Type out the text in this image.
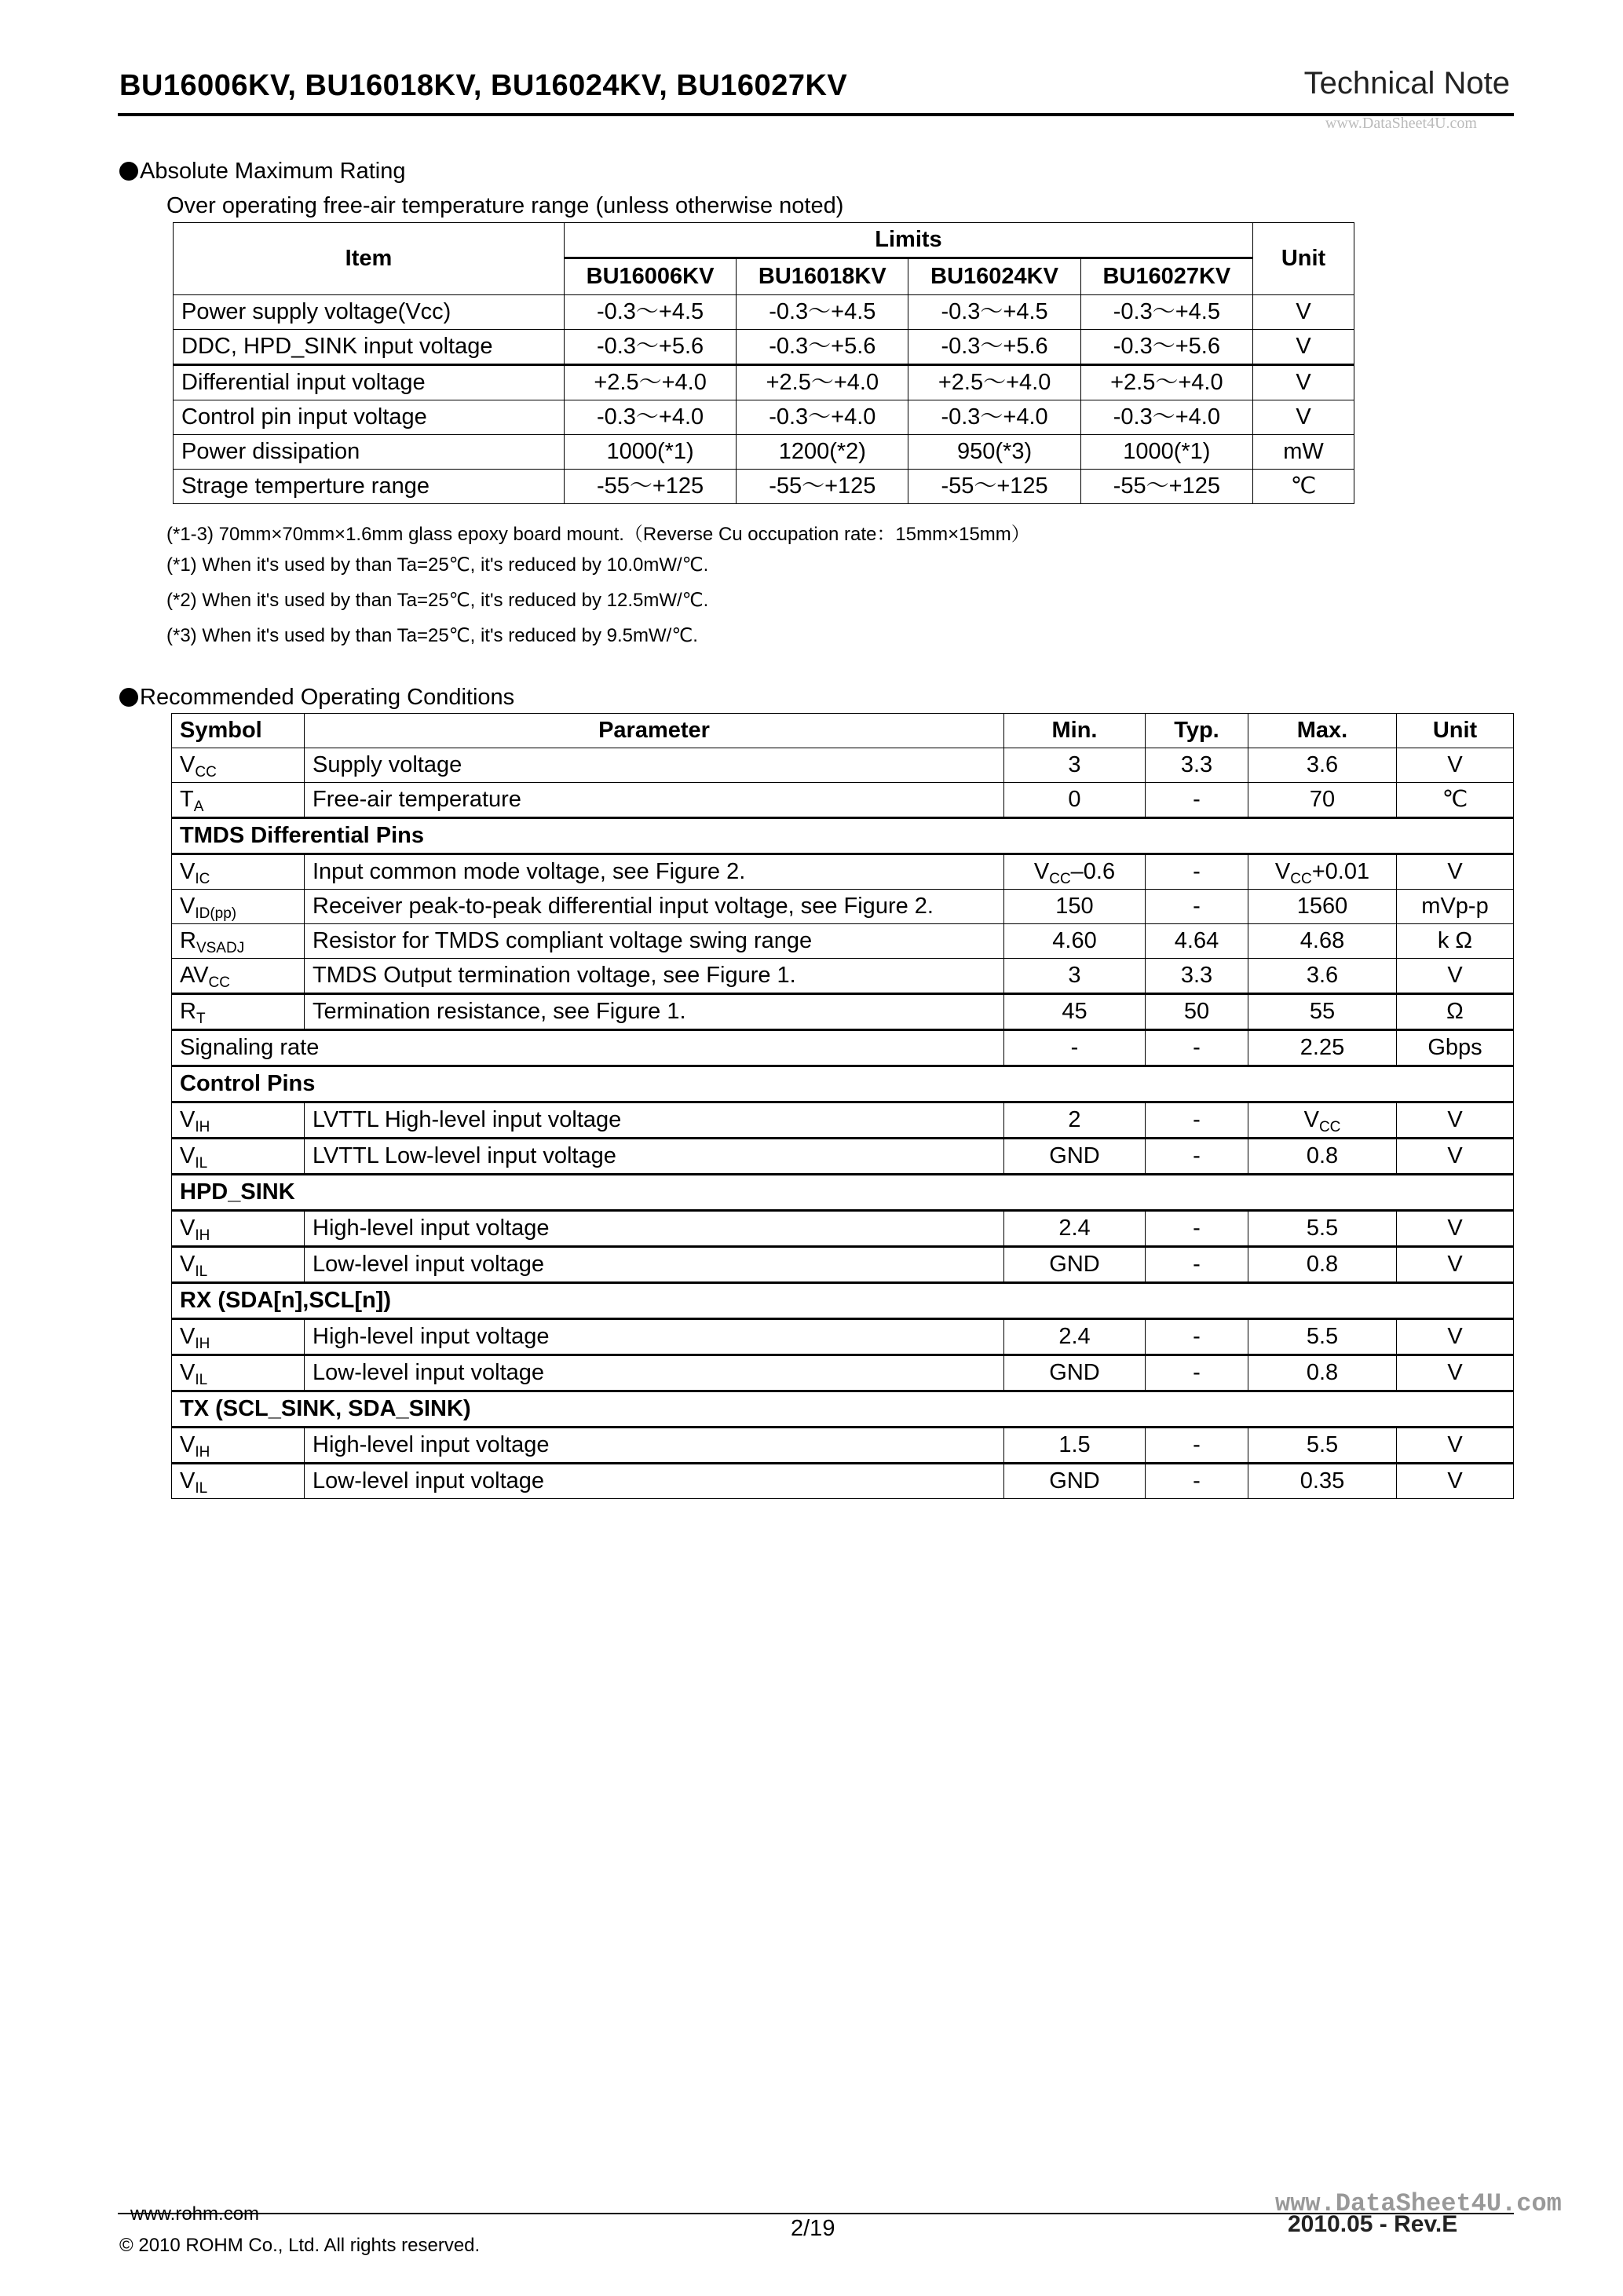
BU16006KV, BU16018KV, BU16024KV, BU16027KV	Technical Note
www.DataSheet4U.com
Absolute Maximum Rating
Over operating free-air temperature range (unless otherwise noted)
Item	Limits				Unit
	BU16006KV	BU16018KV	BU16024KV	BU16027KV	
Power supply voltage(Vcc)	-0.3～+4.5	-0.3～+4.5	-0.3～+4.5	-0.3～+4.5	V
DDC, HPD_SINK input voltage	-0.3～+5.6	-0.3～+5.6	-0.3～+5.6	-0.3～+5.6	V
Differential input voltage	+2.5～+4.0	+2.5～+4.0	+2.5～+4.0	+2.5～+4.0	V
Control pin input voltage	-0.3～+4.0	-0.3～+4.0	-0.3～+4.0	-0.3～+4.0	V
Power dissipation	1000(*1)	1200(*2)	950(*3)	1000(*1)	mW
Strage temperture range	-55～+125	-55～+125	-55～+125	-55～+125	℃
(*1-3) 70mm×70mm×1.6mm glass epoxy board mount.（Reverse Cu occupation rate：15mm×15mm）
(*1) When it's used by than Ta=25℃, it's reduced by 10.0mW/℃.
(*2) When it's used by than Ta=25℃, it's reduced by 12.5mW/℃.
(*3) When it's used by than Ta=25℃, it's reduced by 9.5mW/℃.
Recommended Operating Conditions
Symbol	Parameter	Min.	Typ.	Max.	Unit
$V_{CC}$	Supply voltage	3	3.3	3.6	V
$T_A$	Free-air temperature	0	-	70	℃
TMDS Differential Pins					
$V_{IC}$	Input common mode voltage, see Figure 2.	$V_{CC}-0.6$	-	$V_{CC}+0.01$	V
$V_{ID(pp)}$	Receiver peak-to-peak differential input voltage, see Figure 2.	150	-	1560	mVp-p
$R_{VSADJ}$	Resistor for TMDS compliant voltage swing range	4.60	4.64	4.68	k Ω
$AV_{CC}$	TMDS Output termination voltage, see Figure 1.	3	3.3	3.6	V
$R_T$	Termination resistance, see Figure 1.	45	50	55	Ω
Signaling rate		-	-	2.25	Gbps
Control Pins					
$V_{IH}$	LVTTL High-level input voltage	2	-	$V_{CC}$	V
$V_{IL}$	LVTTL Low-level input voltage	GND	-	0.8	V
HPD_SINK					
$V_{IH}$	High-level input voltage	2.4	-	5.5	V
$V_{IL}$	Low-level input voltage	GND	-	0.8	V
RX (SDA[n],SCL[n])					
$V_{IH}$	High-level input voltage	2.4	-	5.5	V
$V_{IL}$	Low-level input voltage	GND	-	0.8	V
TX (SCL_SINK, SDA_SINK)					
$V_{IH}$	High-level input voltage	1.5	-	5.5	V
$V_{IL}$	Low-level input voltage	GND	-	0.35	V
www.rohm.com
© 2010 ROHM Co., Ltd. All rights reserved.
2/19	2010.05 - Rev.E
www.DataSheet4U.com
